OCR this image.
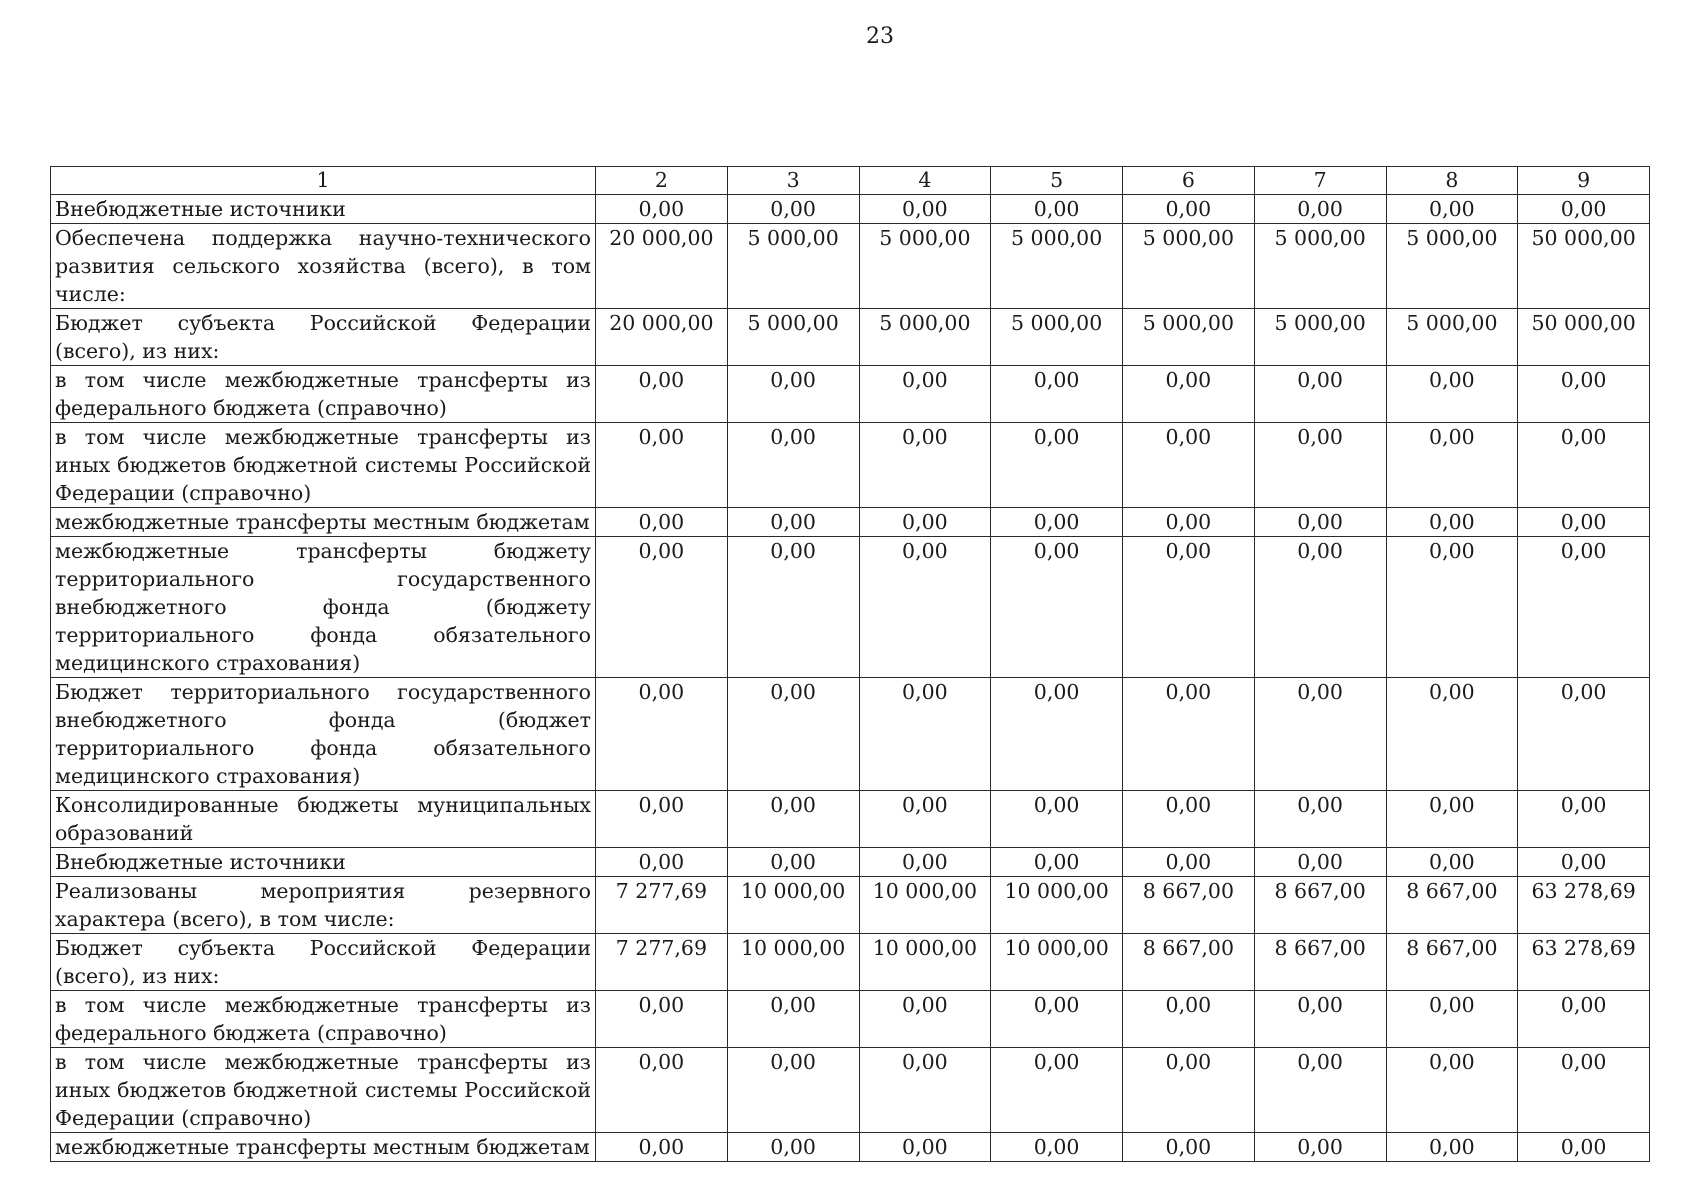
23
1	2	3	4	5	6	7	8	9
Внебюджетные источники	0,00	0,00	0,00	0,00	0,00	0,00	0,00	0,00
Обеспечена поддержка научно-технического развития сельского хозяйства (всего), в том числе:	20 000,00	5 000,00	5 000,00	5 000,00	5 000,00	5 000,00	5 000,00	50 000,00
Бюджет субъекта Российской Федерации (всего), из них:	20 000,00	5 000,00	5 000,00	5 000,00	5 000,00	5 000,00	5 000,00	50 000,00
в том числе межбюджетные трансферты из федерального бюджета (справочно)	0,00	0,00	0,00	0,00	0,00	0,00	0,00	0,00
в том числе межбюджетные трансферты из иных бюджетов бюджетной системы Российской Федерации (справочно)	0,00	0,00	0,00	0,00	0,00	0,00	0,00	0,00
межбюджетные трансферты местным бюджетам	0,00	0,00	0,00	0,00	0,00	0,00	0,00	0,00
межбюджетные трансферты бюджету территориального государственного внебюджетного фонда (бюджету территориального фонда обязательного медицинского страхования)	0,00	0,00	0,00	0,00	0,00	0,00	0,00	0,00
Бюджет территориального государственного внебюджетного фонда (бюджет территориального фонда обязательного медицинского страхования)	0,00	0,00	0,00	0,00	0,00	0,00	0,00	0,00
Консолидированные бюджеты муниципальных образований	0,00	0,00	0,00	0,00	0,00	0,00	0,00	0,00
Внебюджетные источники	0,00	0,00	0,00	0,00	0,00	0,00	0,00	0,00
Реализованы мероприятия резервного характера (всего), в том числе:	7 277,69	10 000,00	10 000,00	10 000,00	8 667,00	8 667,00	8 667,00	63 278,69
Бюджет субъекта Российской Федерации (всего), из них:	7 277,69	10 000,00	10 000,00	10 000,00	8 667,00	8 667,00	8 667,00	63 278,69
в том числе межбюджетные трансферты из федерального бюджета (справочно)	0,00	0,00	0,00	0,00	0,00	0,00	0,00	0,00
в том числе межбюджетные трансферты из иных бюджетов бюджетной системы Российской Федерации (справочно)	0,00	0,00	0,00	0,00	0,00	0,00	0,00	0,00
межбюджетные трансферты местным бюджетам	0,00	0,00	0,00	0,00	0,00	0,00	0,00	0,00
